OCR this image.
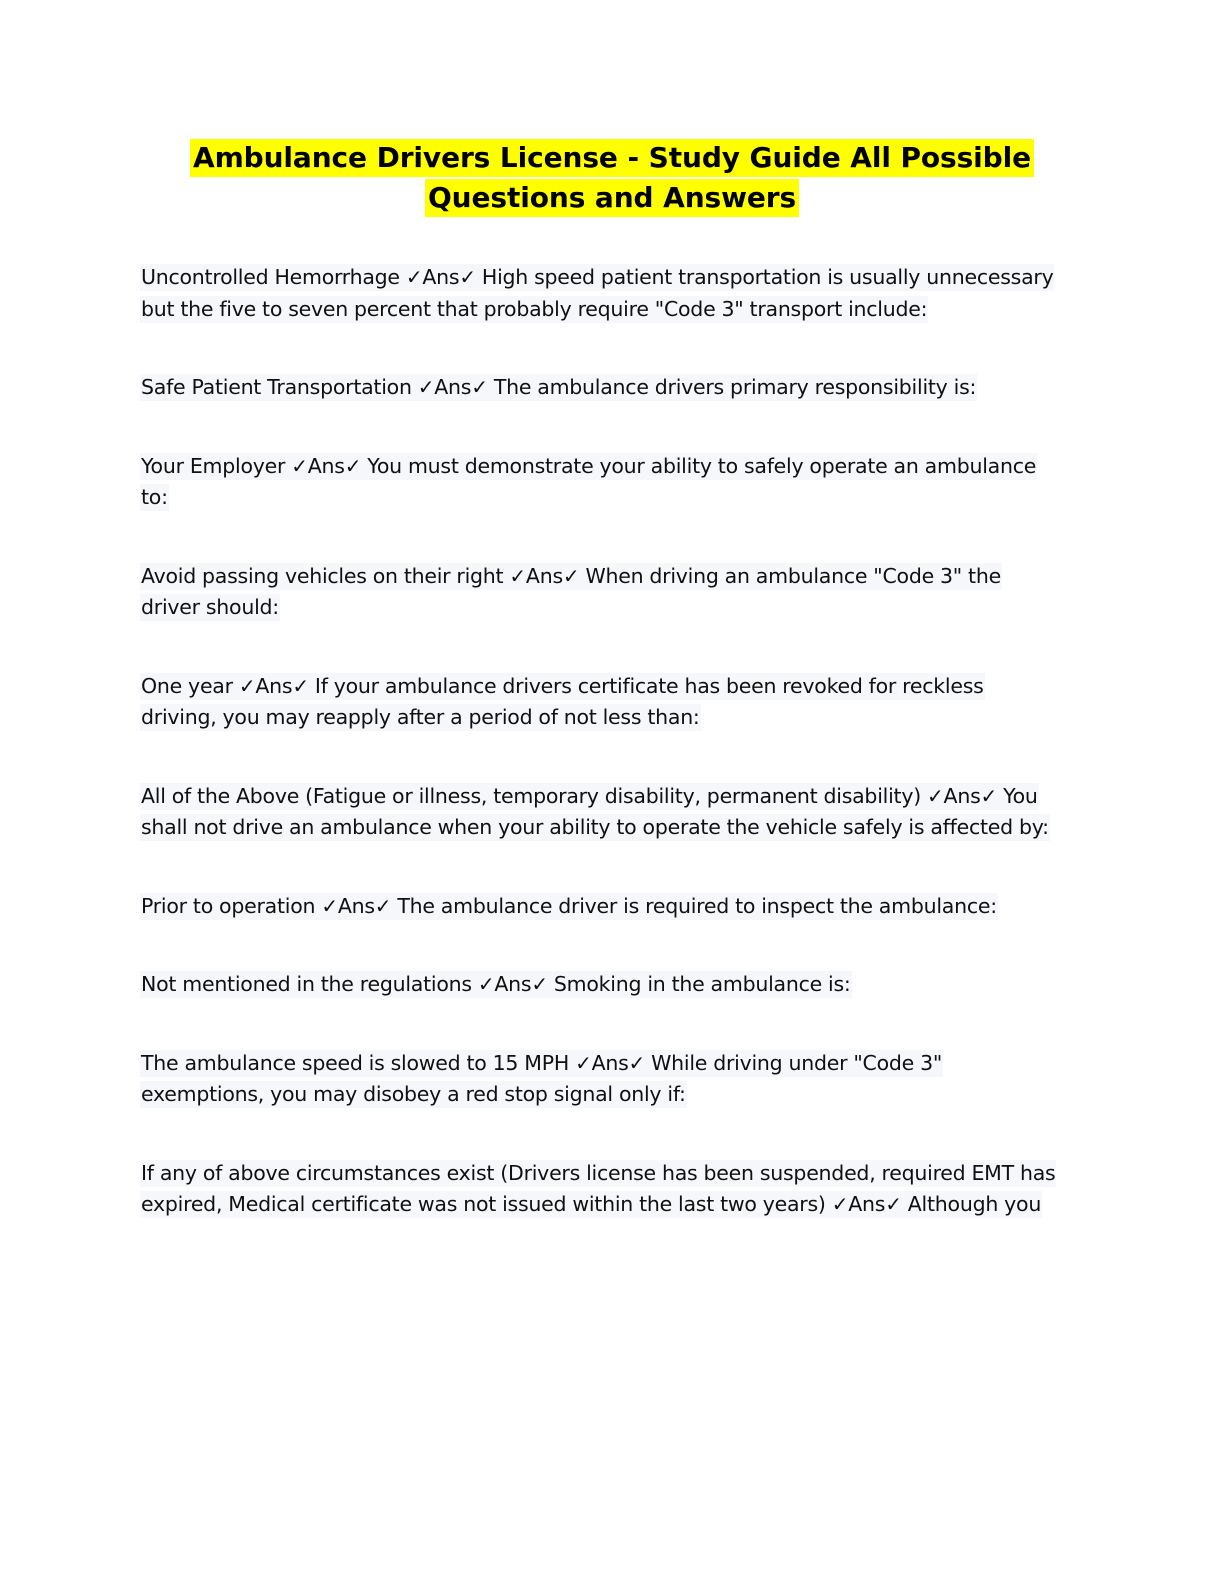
Ambulance Drivers License - Study Guide All Possible
Questions and Answers

Uncontrolled Hemorrhage ✓Ans✓ High speed patient transportation is usually unnecessary but the five to seven percent that probably require "Code 3" transport include:

Safe Patient Transportation ✓Ans✓ The ambulance drivers primary responsibility is:

Your Employer ✓Ans✓ You must demonstrate your ability to safely operate an ambulance to:

Avoid passing vehicles on their right ✓Ans✓ When driving an ambulance "Code 3" the driver should:

One year ✓Ans✓ If your ambulance drivers certificate has been revoked for reckless driving, you may reapply after a period of not less than:

All of the Above (Fatigue or illness, temporary disability, permanent disability) ✓Ans✓ You shall not drive an ambulance when your ability to operate the vehicle safely is affected by:

Prior to operation ✓Ans✓ The ambulance driver is required to inspect the ambulance:

Not mentioned in the regulations ✓Ans✓ Smoking in the ambulance is:

The ambulance speed is slowed to 15 MPH ✓Ans✓ While driving under "Code 3" exemptions, you may disobey a red stop signal only if:

If any of above circumstances exist (Drivers license has been suspended, required EMT has expired, Medical certificate was not issued within the last two years) ✓Ans✓ Although you
